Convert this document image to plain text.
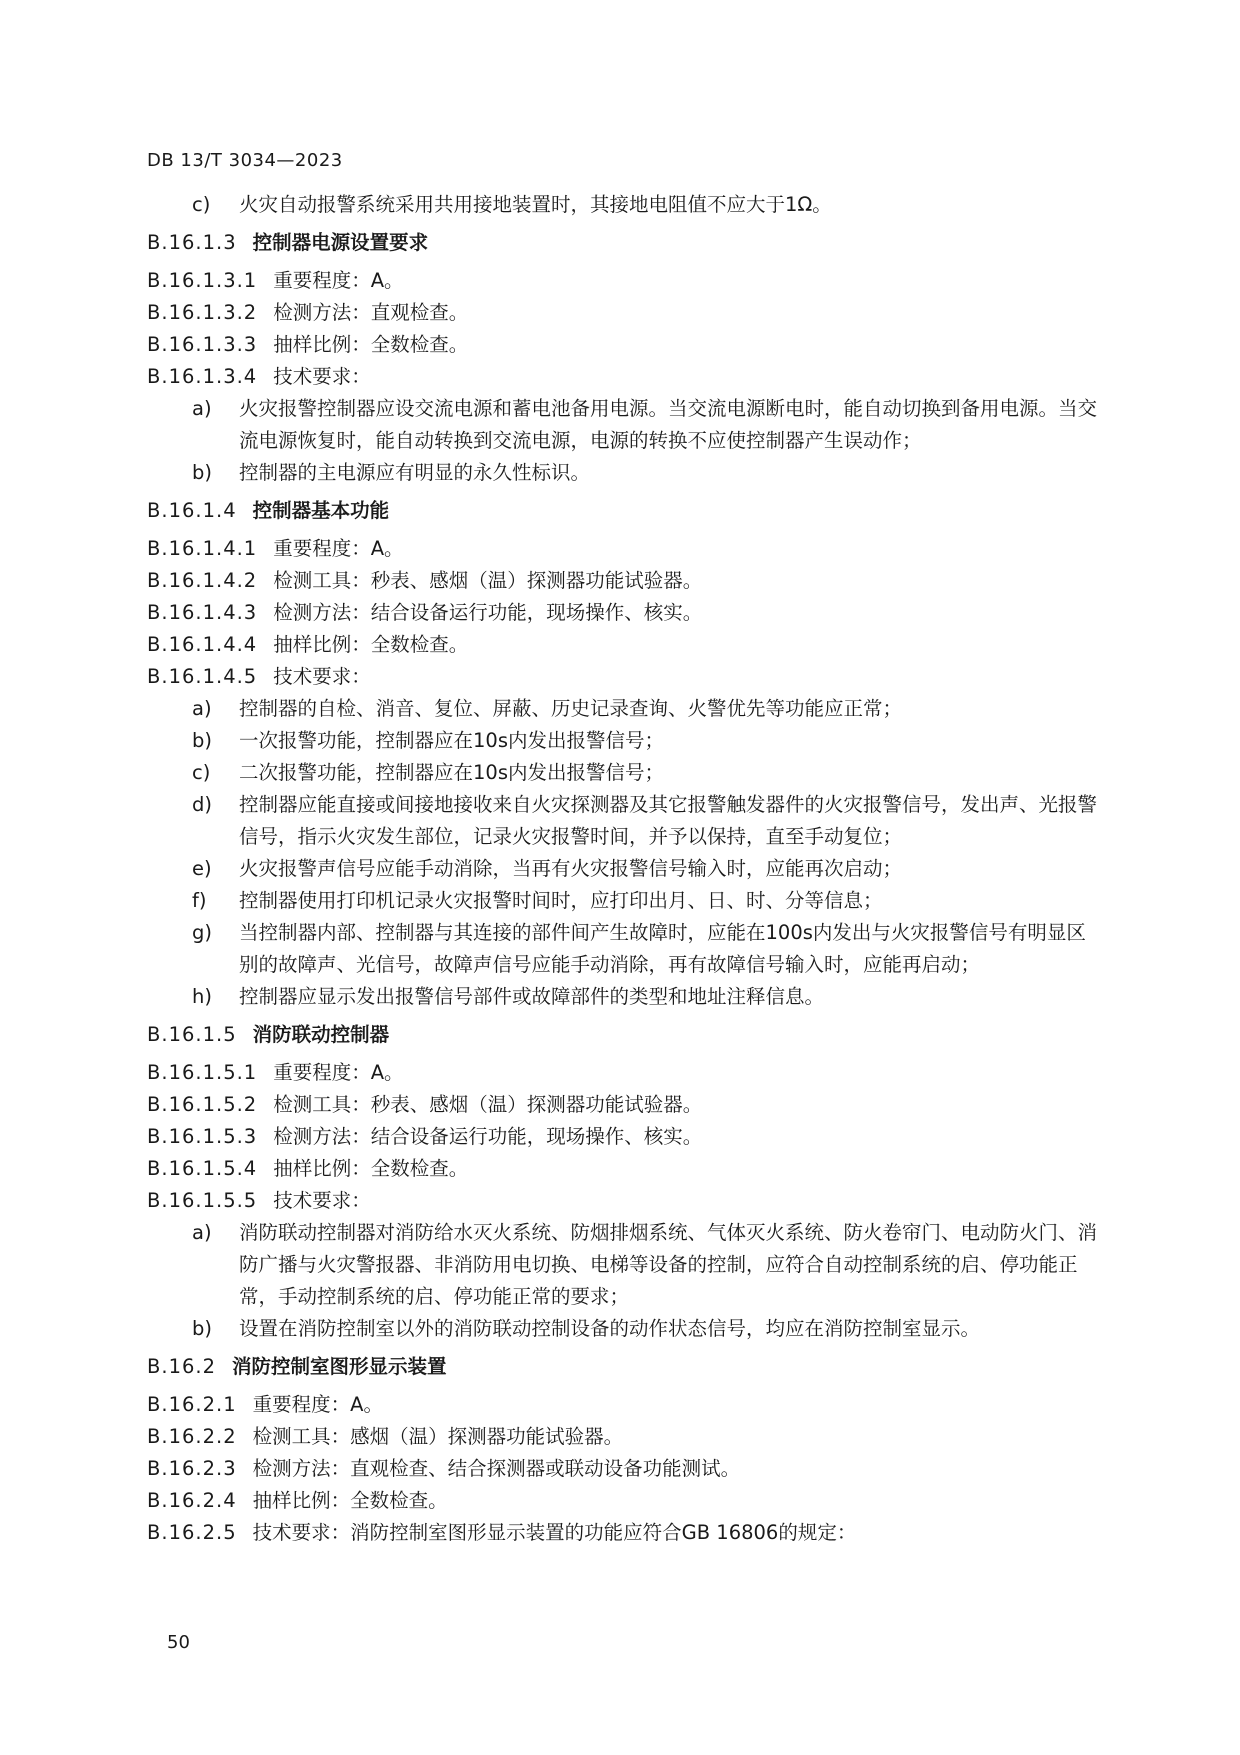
DB 13/T 3034—2023
c) 火灾自动报警系统采用共用接地装置时，其接地电阻值不应大于1Ω。
B.16.1.3 控制器电源设置要求
B.16.1.3.1 重要程度：A。
B.16.1.3.2 检测方法：直观检查。
B.16.1.3.3 抽样比例：全数检查。
B.16.1.3.4 技术要求：
a) 火灾报警控制器应设交流电源和蓄电池备用电源。当交流电源断电时，能自动切换到备用电源。当交流电源恢复时，能自动转换到交流电源，电源的转换不应使控制器产生误动作；
b) 控制器的主电源应有明显的永久性标识。
B.16.1.4 控制器基本功能
B.16.1.4.1 重要程度：A。
B.16.1.4.2 检测工具：秒表、感烟（温）探测器功能试验器。
B.16.1.4.3 检测方法：结合设备运行功能，现场操作、核实。
B.16.1.4.4 抽样比例：全数检查。
B.16.1.4.5 技术要求：
a) 控制器的自检、消音、复位、屏蔽、历史记录查询、火警优先等功能应正常；
b) 一次报警功能，控制器应在10s内发出报警信号；
c) 二次报警功能，控制器应在10s内发出报警信号；
d) 控制器应能直接或间接地接收来自火灾探测器及其它报警触发器件的火灾报警信号，发出声、光报警信号，指示火灾发生部位，记录火灾报警时间，并予以保持，直至手动复位；
e) 火灾报警声信号应能手动消除，当再有火灾报警信号输入时，应能再次启动；
f) 控制器使用打印机记录火灾报警时间时，应打印出月、日、时、分等信息；
g) 当控制器内部、控制器与其连接的部件间产生故障时，应能在100s内发出与火灾报警信号有明显区别的故障声、光信号，故障声信号应能手动消除，再有故障信号输入时，应能再启动；
h) 控制器应显示发出报警信号部件或故障部件的类型和地址注释信息。
B.16.1.5 消防联动控制器
B.16.1.5.1 重要程度：A。
B.16.1.5.2 检测工具：秒表、感烟（温）探测器功能试验器。
B.16.1.5.3 检测方法：结合设备运行功能，现场操作、核实。
B.16.1.5.4 抽样比例：全数检查。
B.16.1.5.5 技术要求：
a) 消防联动控制器对消防给水灭火系统、防烟排烟系统、气体灭火系统、防火卷帘门、电动防火门、消防广播与火灾警报器、非消防用电切换、电梯等设备的控制，应符合自动控制系统的启、停功能正常，手动控制系统的启、停功能正常的要求；
b) 设置在消防控制室以外的消防联动控制设备的动作状态信号，均应在消防控制室显示。
B.16.2 消防控制室图形显示装置
B.16.2.1 重要程度：A。
B.16.2.2 检测工具：感烟（温）探测器功能试验器。
B.16.2.3 检测方法：直观检查、结合探测器或联动设备功能测试。
B.16.2.4 抽样比例：全数检查。
B.16.2.5 技术要求：消防控制室图形显示装置的功能应符合GB 16806的规定：
50
